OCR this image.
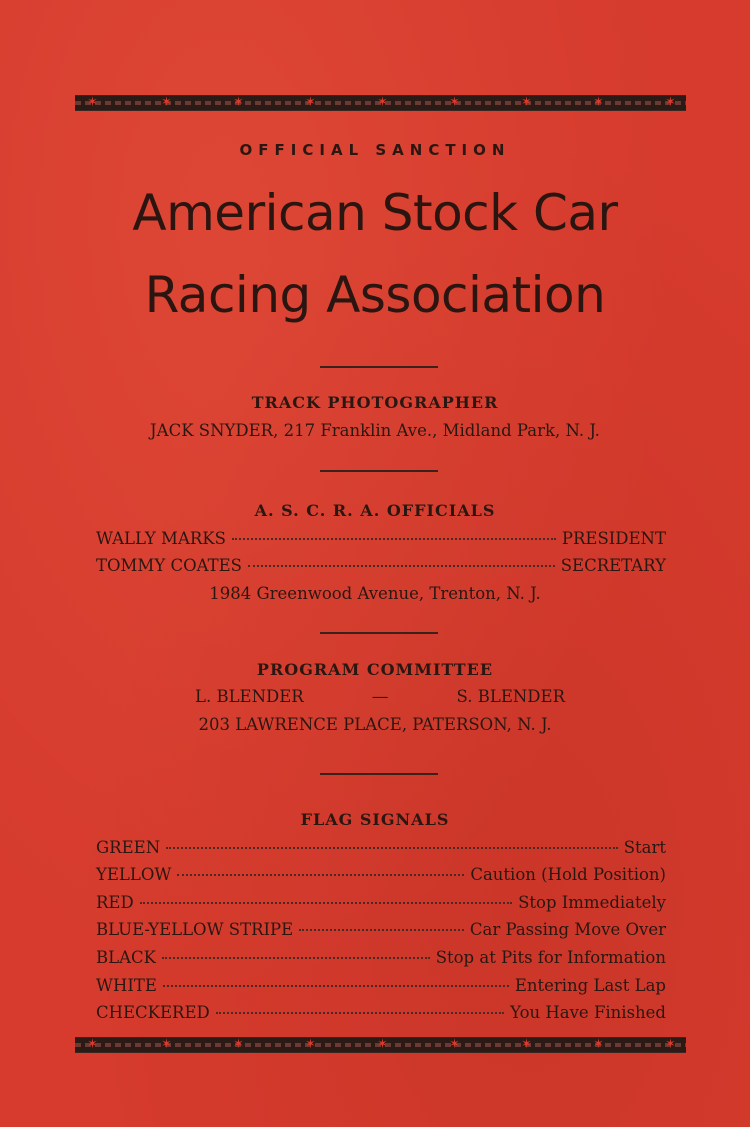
✶	✶	✶	✶	✶	✶	✶	✶	✶
OFFICIAL SANCTION
American Stock Car
Racing Association
TRACK PHOTOGRAPHER
JACK SNYDER, 217 Franklin Ave., Midland Park, N. J.
A. S. C. R. A. OFFICIALS
WALLY MARKS	PRESIDENT
TOMMY COATES	SECRETARY
1984 Greenwood Avenue, Trenton, N. J.
PROGRAM COMMITTEE
L. BLENDER	—	S. BLENDER
203 LAWRENCE PLACE, PATERSON, N. J.
FLAG SIGNALS
GREEN	Start
YELLOW	Caution (Hold Position)
RED	Stop Immediately
BLUE-YELLOW STRIPE	Car Passing Move Over
BLACK	Stop at Pits for Information
WHITE	Entering Last Lap
CHECKERED	You Have Finished
✶	✶	✶	✶	✶	✶	✶	✶	✶
